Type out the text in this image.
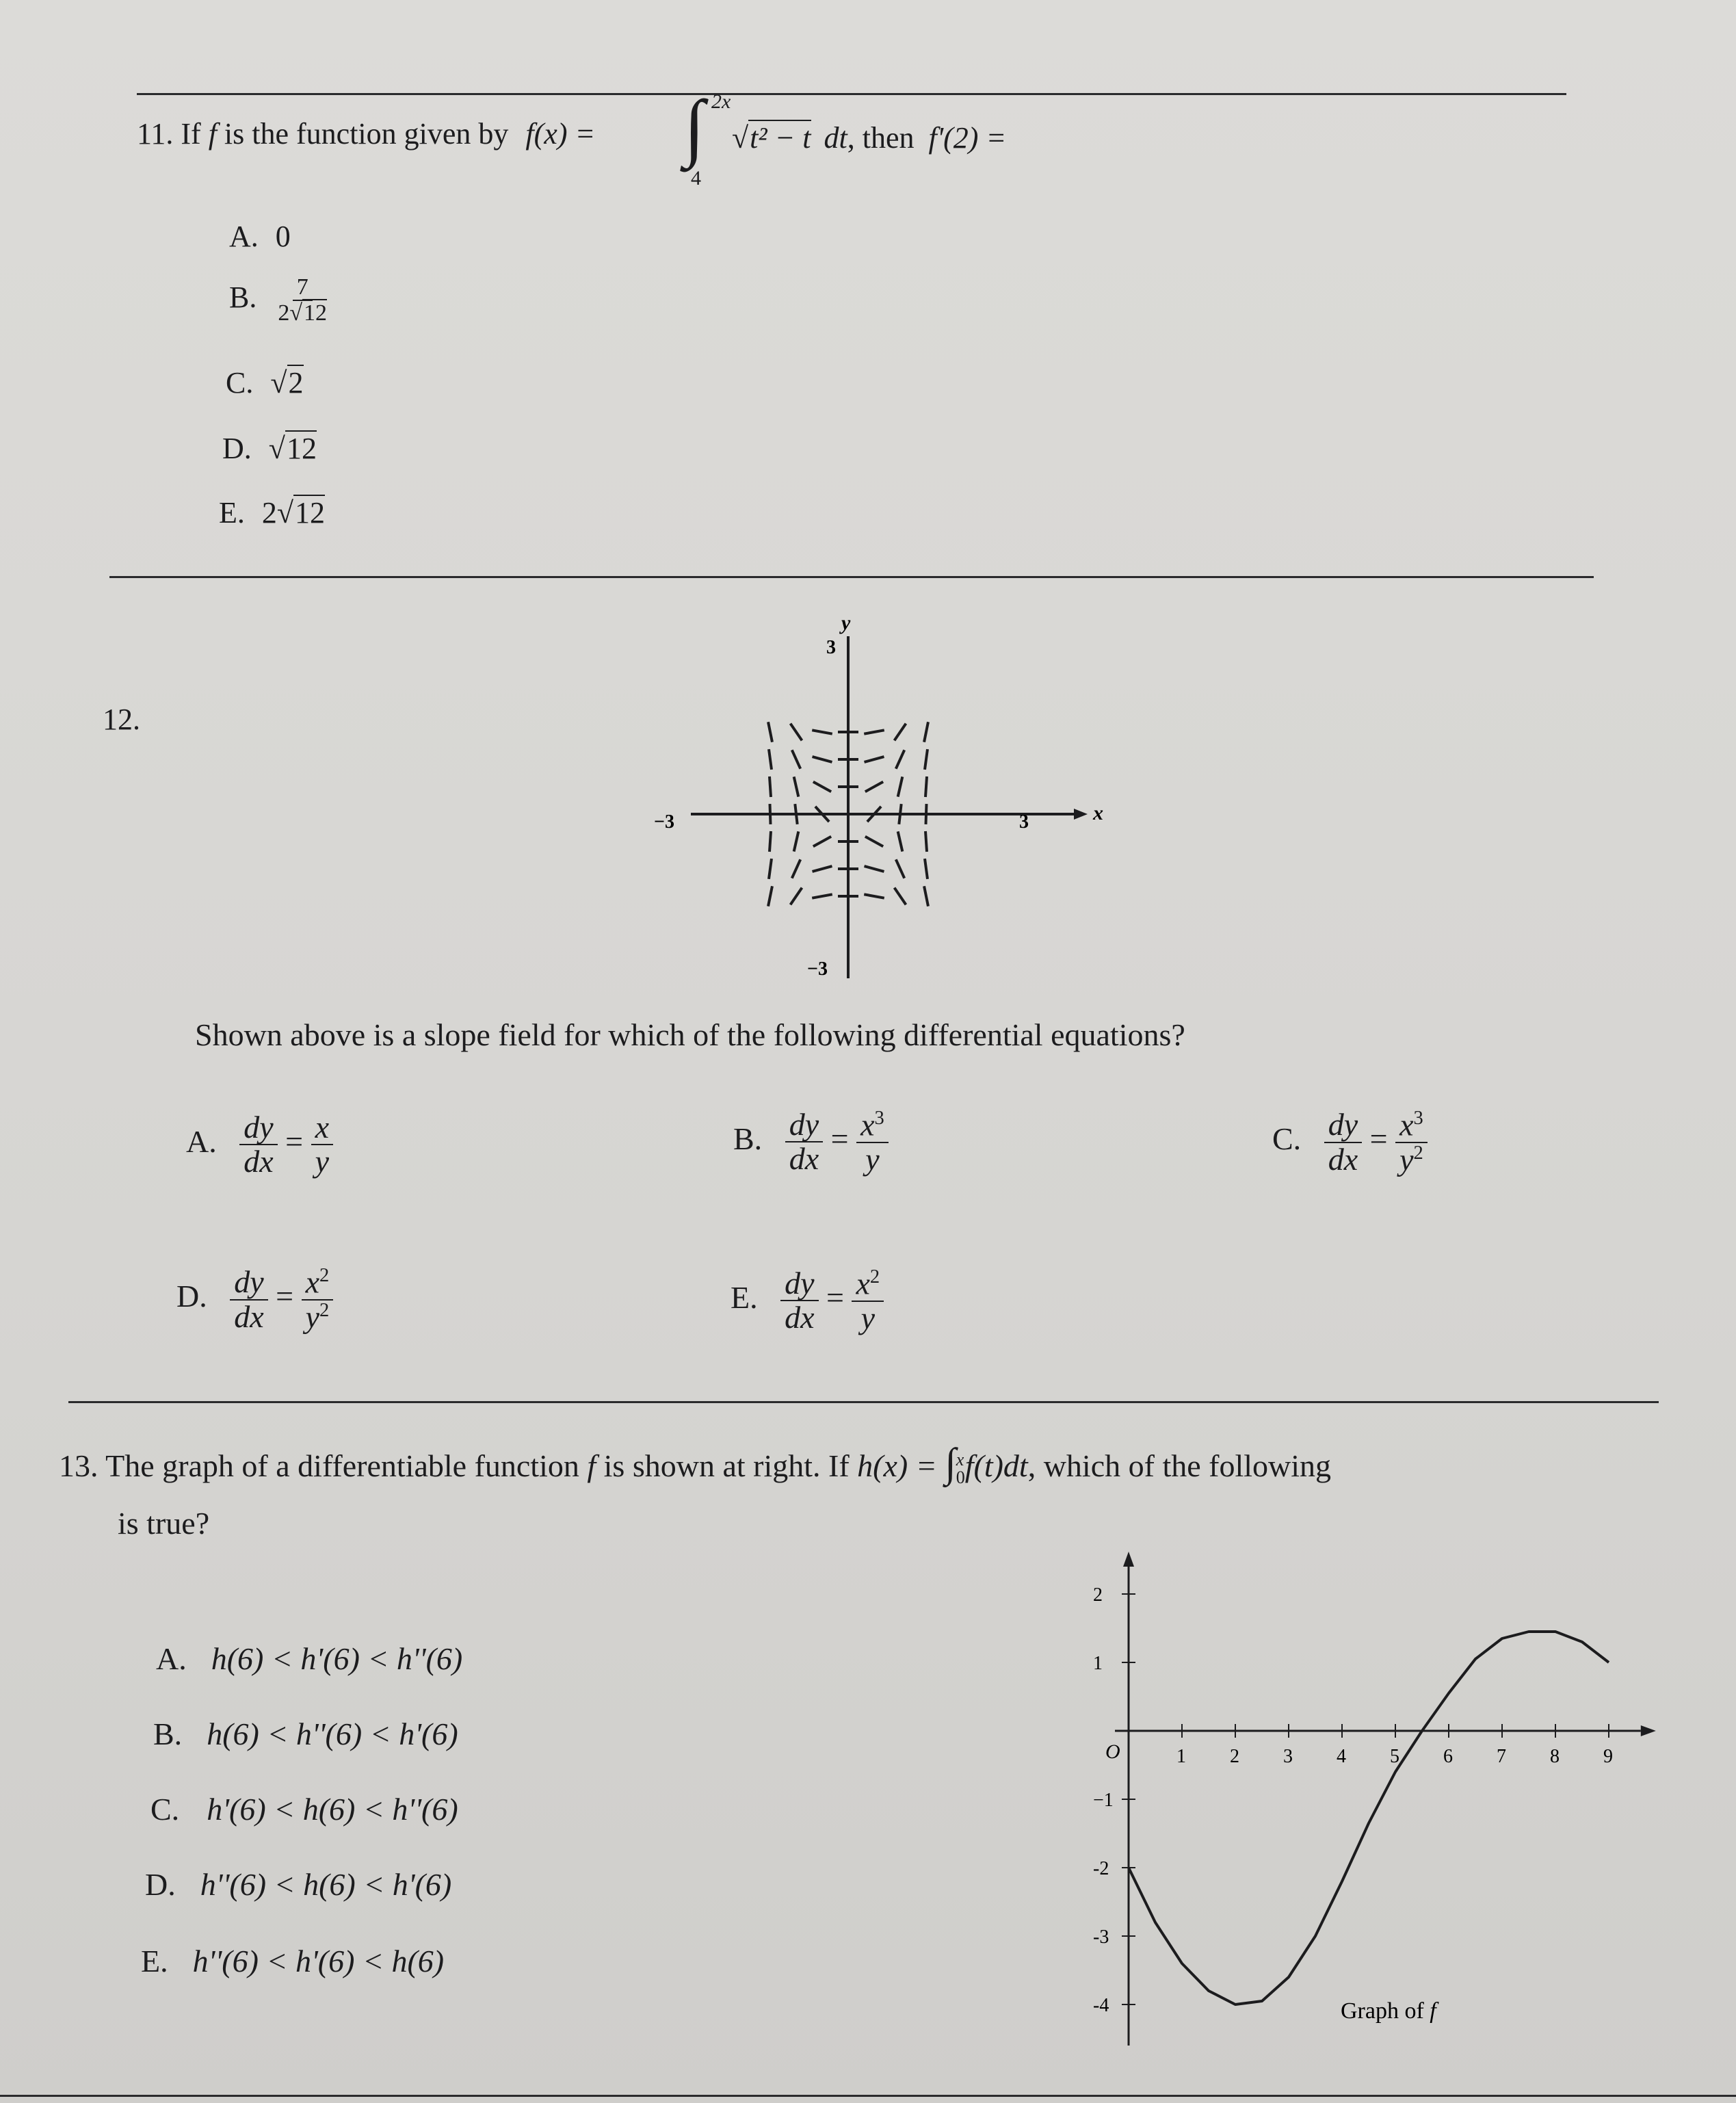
11. If f is the function given by f(x) = ∫ 2x
4
√t² − t dt, then f'(2) =
A. 0
B. $\frac{7}{2√12}$
C. √2
D. √12
E. 2√12
12.
y
x
3
−3
−3	3
Shown above is a slope field for which of the following differential equations?
A. $\frac{dy}{dx} = \frac{x}{y}$	B. $\frac{dy}{dx} = \frac{x^3}{y}$	C. $\frac{dy}{dx} = \frac{x^3}{y^2}$
D. $\frac{dy}{dx} = \frac{x^2}{y^2}$	E. $\frac{dy}{dx} = \frac{x^2}{y}$
13. The graph of a differentiable function f is shown at right. If h(x) = ∫ x
0 f(t)dt, which of the following
is true?
A. h(6) < h'(6) < h''(6)
B. h(6) < h''(6) < h'(6)
C. h'(6) < h(6) < h''(6)
D. h''(6) < h(6) < h'(6)
E. h''(6) < h'(6) < h(6)
O	1 2 3 4 5 6 7 8 9
2
1
−1
-2
-3
-4	Graph of f
